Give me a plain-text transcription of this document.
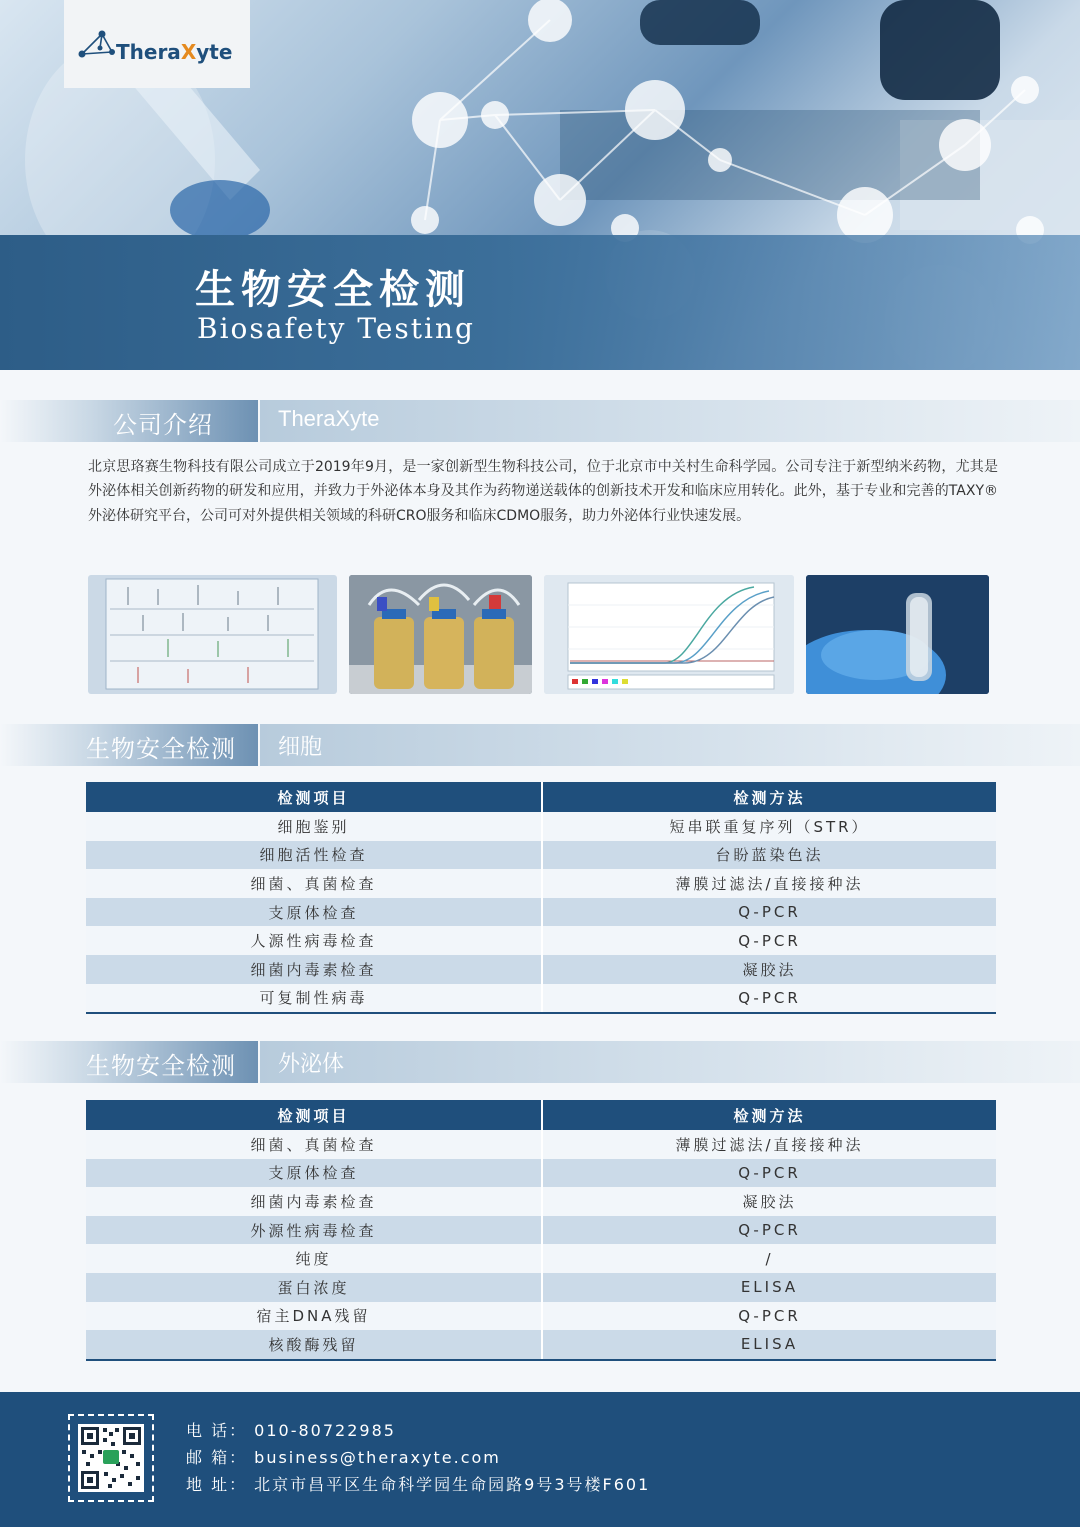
生物安全检测
Biosafety Testing
TheraXyte
公司介绍	TheraXyte
北京思珞赛生物科技有限公司成立于2019年9月，是一家创新型生物科技公司，位于北京市中关村生命科学园。公司专注于新型纳米药物，尤其是外泌体相关创新药物的研发和应用，并致力于外泌体本身及其作为药物递送载体的创新技术开发和临床应用转化。此外，基于专业和完善的TAXY®外泌体研究平台，公司可对外提供相关领域的科研CRO服务和临床CDMO服务，助力外泌体行业快速发展。
生物安全检测 细胞
检测项目	检测方法
细胞鉴别	短串联重复序列（STR）
细胞活性检查	台盼蓝染色法
细菌、真菌检查	薄膜过滤法/直接接种法
支原体检查	Q-PCR
人源性病毒检查	Q-PCR
细菌内毒素检查	凝胶法
可复制性病毒	Q-PCR
生物安全检测 外泌体
检测项目	检测方法
细菌、真菌检查	薄膜过滤法/直接接种法
支原体检查	Q-PCR
细菌内毒素检查	凝胶法
外源性病毒检查	Q-PCR
纯度	/
蛋白浓度	ELISA
宿主DNA残留	Q-PCR
核酸酶残留	ELISA
电 话： 010-80722985
邮 箱： business@theraxyte.com
地 址： 北京市昌平区生命科学园生命园路9号3号楼F601
